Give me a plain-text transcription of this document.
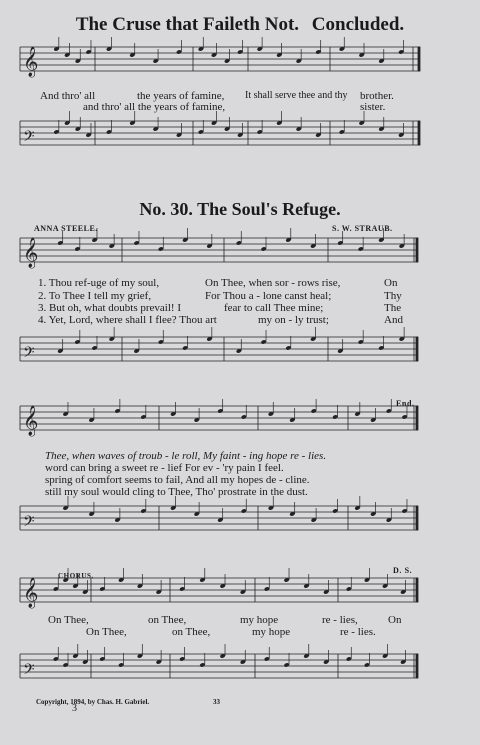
𝄞
𝄢
𝄞
𝄢
𝄞
𝄢
𝄞
𝄢
The Cruse that Faileth Not. Concluded.
And thro' all	the years of famine, It shall serve thee and thy brother.
and thro' all the years of famine,	sister.
No. 30. The Soul's Refuge.
ANNA STEELE.	S. W. STRAUB.
1. Thou ref-uge of my soul,	On Thee, when sor - rows rise,	On
2. To Thee I tell my grief,	For Thou a - lone canst heal;	Thy
3. But oh, what doubts prevail! I	fear to call Thee mine;	The
4. Yet, Lord, where shall I flee? Thou art	my on - ly trust;	And
End.
Thee, when waves of troub - le roll, My faint - ing hope re - lies.
word can bring a sweet re - lief For ev - 'ry pain I feel.
spring of comfort seems to fail, And all my hopes de - cline.
still my soul would cling to Thee, Tho' prostrate in the dust.
CHORUS.
D. S.
On Thee,	on Thee,	my hope	re - lies,	On
On Thee,	on Thee,	my hope	re - lies.
Copyright, 1894, by Chas. H. Gabriel.	33
3
